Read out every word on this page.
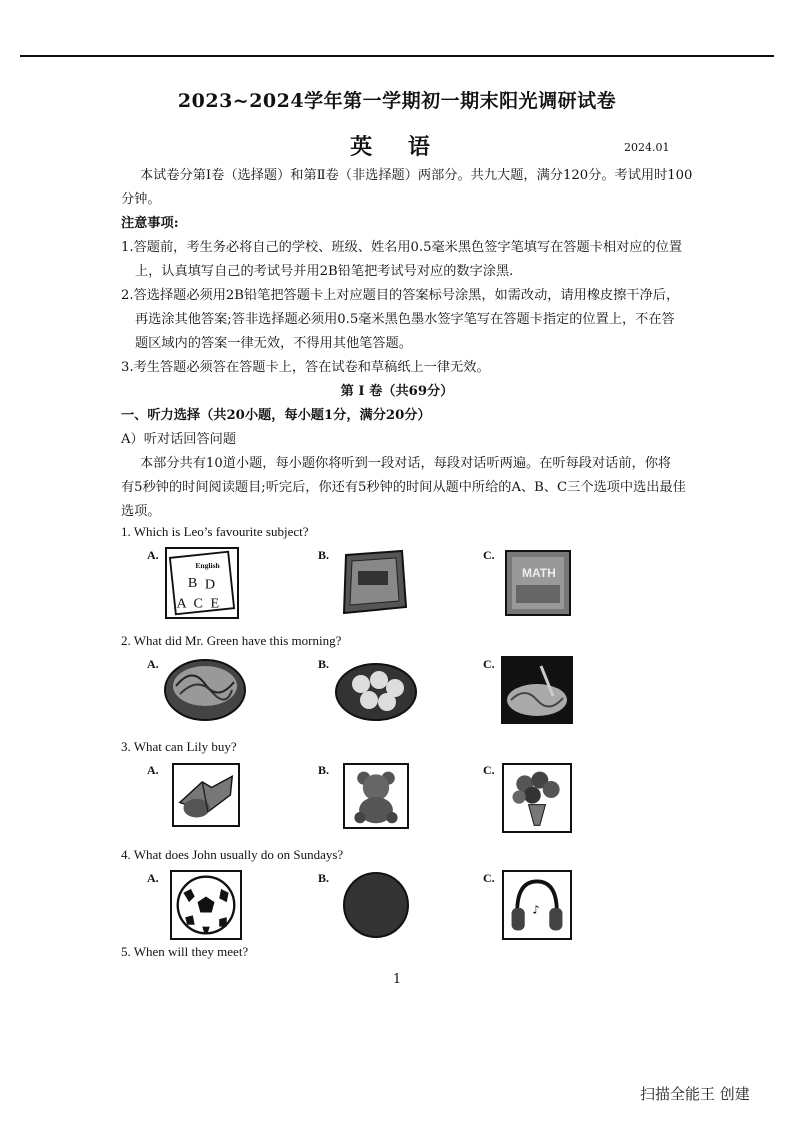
2023~2024学年第一学期初一期末阳光调研试卷
英 语	2024.01
本试卷分第Ⅰ卷（选择题）和第Ⅱ卷（非选择题）两部分。共九大题，满分120分。考试用时100
分钟。
注意事项:
1.答题前，考生务必将自己的学校、班级、姓名用0.5毫米黑色签字笔填写在答题卡相对应的位置
上，认真填写自己的考试号并用2B铅笔把考试号对应的数字涂黑.
2.答选择题必须用2B铅笔把答题卡上对应题目的答案标号涂黑，如需改动，请用橡皮擦干净后，
再选涂其他答案;答非选择题必须用0.5毫米黑色墨水签字笔写在答题卡指定的位置上，不在答
题区域内的答案一律无效，不得用其他笔答题。
3.考生答题必须答在答题卡上，答在试卷和草稿纸上一律无效。
第 I 卷（共69分）
一、听力选择（共20小题，每小题1分，满分20分）
A）听对话回答问题
本部分共有10道小题，每小题你将听到一段对话，每段对话听两遍。在听每段对话前，你将
有5秒钟的时间阅读题目;听完后，你还有5秒钟的时间从题中所给的A、B、C三个选项中选出最佳
选项。
1. Which is Leo’s favourite subject?
A.
English
B D
A C E
B.	C.
MATH
2. What did Mr. Green have this morning?
A.	B.	C.
3. What can Lily buy?
A.	B.	C.
4. What does John usually do on Sundays?
A.	B.	C.
♪
5. When will they meet?
1
扫描全能王 创建
